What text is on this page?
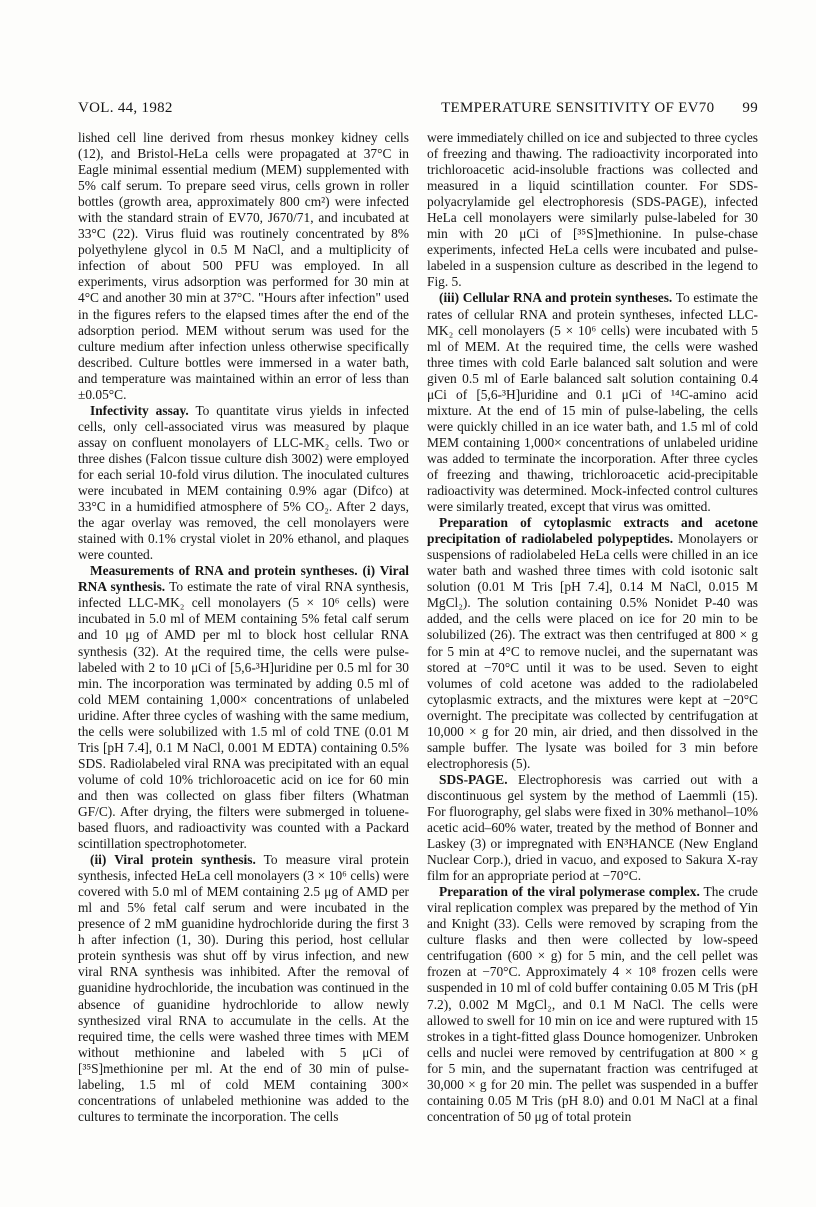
VOL. 44, 1982	TEMPERATURE SENSITIVITY OF EV70 99

lished cell line derived from rhesus monkey kidney cells (12), and Bristol-HeLa cells were propagated at 37°C in Eagle minimal essential medium (MEM) supplemented with 5% calf serum. To prepare seed virus, cells grown in roller bottles (growth area, approximately 800 cm²) were infected with the standard strain of EV70, J670/71, and incubated at 33°C (22). Virus fluid was routinely concentrated by 8% polyethylene glycol in 0.5 M NaCl, and a multiplicity of infection of about 500 PFU was employed. In all experiments, virus adsorption was performed for 30 min at 4°C and another 30 min at 37°C. "Hours after infection" used in the figures refers to the elapsed times after the end of the adsorption period. MEM without serum was used for the culture medium after infection unless otherwise specifically described. Culture bottles were immersed in a water bath, and temperature was maintained within an error of less than ±0.05°C.

Infectivity assay. To quantitate virus yields in infected cells, only cell-associated virus was measured by plaque assay on confluent monolayers of LLC-MK₂ cells. Two or three dishes (Falcon tissue culture dish 3002) were employed for each serial 10-fold virus dilution. The inoculated cultures were incubated in MEM containing 0.9% agar (Difco) at 33°C in a humidified atmosphere of 5% CO₂. After 2 days, the agar overlay was removed, the cell monolayers were stained with 0.1% crystal violet in 20% ethanol, and plaques were counted.

Measurements of RNA and protein syntheses. (i) Viral RNA synthesis. To estimate the rate of viral RNA synthesis, infected LLC-MK₂ cell monolayers (5 × 10⁶ cells) were incubated in 5.0 ml of MEM containing 5% fetal calf serum and 10 μg of AMD per ml to block host cellular RNA synthesis (32). At the required time, the cells were pulse-labeled with 2 to 10 μCi of [5,6-³H]uridine per 0.5 ml for 30 min. The incorporation was terminated by adding 0.5 ml of cold MEM containing 1,000× concentrations of unlabeled uridine. After three cycles of washing with the same medium, the cells were solubilized with 1.5 ml of cold TNE (0.01 M Tris [pH 7.4], 0.1 M NaCl, 0.001 M EDTA) containing 0.5% SDS. Radiolabeled viral RNA was precipitated with an equal volume of cold 10% trichloroacetic acid on ice for 60 min and then was collected on glass fiber filters (Whatman GF/C). After drying, the filters were submerged in toluene-based fluors, and radioactivity was counted with a Packard scintillation spectrophotometer.

(ii) Viral protein synthesis. To measure viral protein synthesis, infected HeLa cell monolayers (3 × 10⁶ cells) were covered with 5.0 ml of MEM containing 2.5 μg of AMD per ml and 5% fetal calf serum and were incubated in the presence of 2 mM guanidine hydrochloride during the first 3 h after infection (1, 30). During this period, host cellular protein synthesis was shut off by virus infection, and new viral RNA synthesis was inhibited. After the removal of guanidine hydrochloride, the incubation was continued in the absence of guanidine hydrochloride to allow newly synthesized viral RNA to accumulate in the cells. At the required time, the cells were washed three times with MEM without methionine and labeled with 5 μCi of [³⁵S]methionine per ml. At the end of 30 min of pulse-labeling, 1.5 ml of cold MEM containing 300× concentrations of unlabeled methionine was added to the cultures to terminate the incorporation. The cells

were immediately chilled on ice and subjected to three cycles of freezing and thawing. The radioactivity incorporated into trichloroacetic acid-insoluble fractions was collected and measured in a liquid scintillation counter. For SDS-polyacrylamide gel electrophoresis (SDS-PAGE), infected HeLa cell monolayers were similarly pulse-labeled for 30 min with 20 μCi of [³⁵S]methionine. In pulse-chase experiments, infected HeLa cells were incubated and pulse-labeled in a suspension culture as described in the legend to Fig. 5.

(iii) Cellular RNA and protein syntheses. To estimate the rates of cellular RNA and protein syntheses, infected LLC-MK₂ cell monolayers (5 × 10⁶ cells) were incubated with 5 ml of MEM. At the required time, the cells were washed three times with cold Earle balanced salt solution and were given 0.5 ml of Earle balanced salt solution containing 0.4 μCi of [5,6-³H]uridine and 0.1 μCi of ¹⁴C-amino acid mixture. At the end of 15 min of pulse-labeling, the cells were quickly chilled in an ice water bath, and 1.5 ml of cold MEM containing 1,000× concentrations of unlabeled uridine was added to terminate the incorporation. After three cycles of freezing and thawing, trichloroacetic acid-precipitable radioactivity was determined. Mock-infected control cultures were similarly treated, except that virus was omitted.

Preparation of cytoplasmic extracts and acetone precipitation of radiolabeled polypeptides. Monolayers or suspensions of radiolabeled HeLa cells were chilled in an ice water bath and washed three times with cold isotonic salt solution (0.01 M Tris [pH 7.4], 0.14 M NaCl, 0.015 M MgCl₂). The solution containing 0.5% Nonidet P-40 was added, and the cells were placed on ice for 20 min to be solubilized (26). The extract was then centrifuged at 800 × g for 5 min at 4°C to remove nuclei, and the supernatant was stored at −70°C until it was to be used. Seven to eight volumes of cold acetone was added to the radiolabeled cytoplasmic extracts, and the mixtures were kept at −20°C overnight. The precipitate was collected by centrifugation at 10,000 × g for 20 min, air dried, and then dissolved in the sample buffer. The lysate was boiled for 3 min before electrophoresis (5).

SDS-PAGE. Electrophoresis was carried out with a discontinuous gel system by the method of Laemmli (15). For fluorography, gel slabs were fixed in 30% methanol–10% acetic acid–60% water, treated by the method of Bonner and Laskey (3) or impregnated with EN³HANCE (New England Nuclear Corp.), dried in vacuo, and exposed to Sakura X-ray film for an appropriate period at −70°C.

Preparation of the viral polymerase complex. The crude viral replication complex was prepared by the method of Yin and Knight (33). Cells were removed by scraping from the culture flasks and then were collected by low-speed centrifugation (600 × g) for 5 min, and the cell pellet was frozen at −70°C. Approximately 4 × 10⁸ frozen cells were suspended in 10 ml of cold buffer containing 0.05 M Tris (pH 7.2), 0.002 M MgCl₂, and 0.1 M NaCl. The cells were allowed to swell for 10 min on ice and were ruptured with 15 strokes in a tight-fitted glass Dounce homogenizer. Unbroken cells and nuclei were removed by centrifugation at 800 × g for 5 min, and the supernatant fraction was centrifuged at 30,000 × g for 20 min. The pellet was suspended in a buffer containing 0.05 M Tris (pH 8.0) and 0.01 M NaCl at a final concentration of 50 μg of total protein
